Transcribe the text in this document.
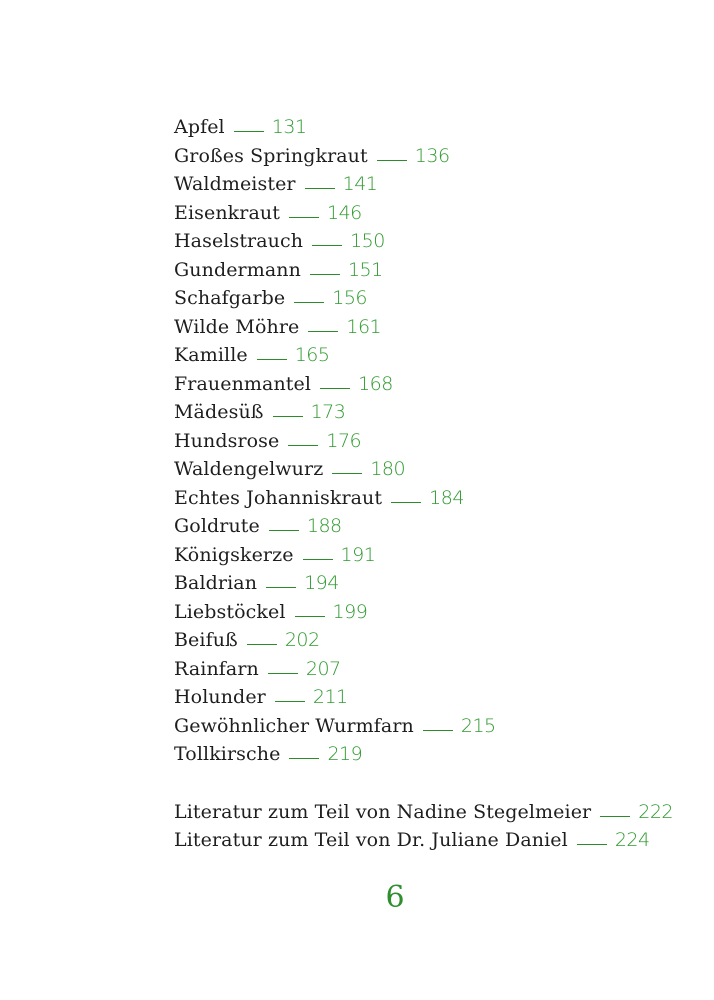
Apfel 131
Großes Springkraut 136
Waldmeister 141
Eisenkraut 146
Haselstrauch 150
Gundermann 151
Schafgarbe 156
Wilde Möhre 161
Kamille 165
Frauenmantel 168
Mädesüß 173
Hundsrose 176
Waldengelwurz 180
Echtes Johanniskraut 184
Goldrute 188
Königskerze 191
Baldrian 194
Liebstöckel 199
Beifuß 202
Rainfarn 207
Holunder 211
Gewöhnlicher Wurmfarn 215
Tollkirsche 219
Literatur zum Teil von Nadine Stegelmeier 222
Literatur zum Teil von Dr. Juliane Daniel 224
6
